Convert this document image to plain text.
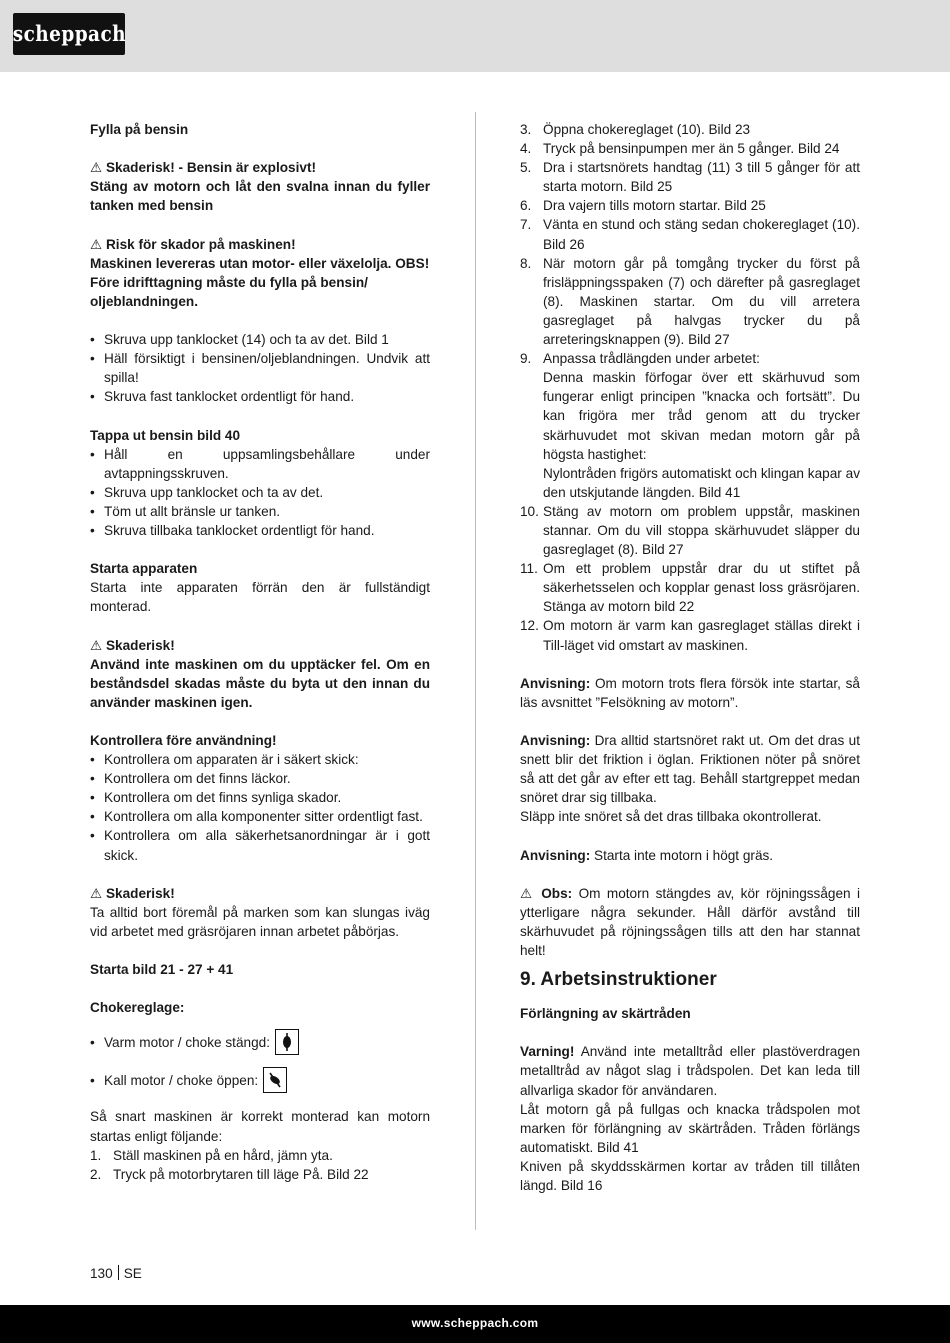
scheppach

Fylla på bensin

⚠ Skaderisk! - Bensin är explosivt!

Stäng av motorn och låt den svalna innan du fyller tanken med bensin

⚠ Risk för skador på maskinen!

Maskinen levereras utan motor- eller växelolja. OBS! Före idrifttagning måste du fylla på bensin/ oljeblandningen.

• Skruva upp tanklocket (14) och ta av det. Bild 1
• Häll försiktigt i bensinen/oljeblandningen. Undvik att spilla!
• Skruva fast tanklocket ordentligt för hand.

Tappa ut bensin bild 40

• Håll en uppsamlingsbehållare under avtappningsskruven.
• Skruva upp tanklocket och ta av det.
• Töm ut allt bränsle ur tanken.
• Skruva tillbaka tanklocket ordentligt för hand.

Starta apparaten

Starta inte apparaten förrän den är fullständigt monterad.

⚠ Skaderisk!

Använd inte maskinen om du upptäcker fel. Om en beståndsdel skadas måste du byta ut den innan du använder maskinen igen.

Kontrollera före användning!

• Kontrollera om apparaten är i säkert skick:
• Kontrollera om det finns läckor.
• Kontrollera om det finns synliga skador.
• Kontrollera om alla komponenter sitter ordentligt fast.
• Kontrollera om alla säkerhetsanordningar är i gott skick.

⚠ Skaderisk!

Ta alltid bort föremål på marken som kan slungas iväg vid arbetet med gräsröjaren innan arbetet påbörjas.

Starta bild 21 - 27 + 41

Chokereglage:

• Varm motor / choke stängd:
• Kall motor / choke öppen:

Så snart maskinen är korrekt monterad kan motorn startas enligt följande:

1. Ställ maskinen på en hård, jämn yta.
2. Tryck på motorbrytaren till läge På. Bild 22
3. Öppna chokereglaget (10). Bild 23
4. Tryck på bensinpumpen mer än 5 gånger. Bild 24
5. Dra i startsnörets handtag (11) 3 till 5 gånger för att starta motorn. Bild 25
6. Dra vajern tills motorn startar. Bild 25
7. Vänta en stund och stäng sedan chokereglaget (10). Bild 26
8. När motorn går på tomgång trycker du först på frisläppningsspaken (7) och därefter på gasreglaget (8). Maskinen startar. Om du vill arretera gasreglaget på halvgas trycker du på arreteringsknappen (9). Bild 27
9. Anpassa trådlängden under arbetet:

Denna maskin förfogar över ett skärhuvud som fungerar enligt principen ”knacka och fortsätt”. Du kan frigöra mer tråd genom att du trycker skärhuvudet mot skivan medan motorn går på högsta hastighet:

Nylontråden frigörs automatiskt och klingan kapar av den utskjutande längden. Bild 41

10. Stäng av motorn om problem uppstår, maskinen stannar. Om du vill stoppa skärhuvudet släpper du gasreglaget (8). Bild 27
11. Om ett problem uppstår drar du ut stiftet på säkerhetsselen och kopplar genast loss gräsröjaren. Stänga av motorn bild 22
12. Om motorn är varm kan gasreglaget ställas direkt i Till-läget vid omstart av maskinen.

Anvisning: Om motorn trots flera försök inte startar, så läs avsnittet ”Felsökning av motorn”.

Anvisning: Dra alltid startsnöret rakt ut. Om det dras ut snett blir det friktion i öglan. Friktionen nöter på snöret så att det går av efter ett tag. Behåll startgreppet medan snöret drar sig tillbaka.

Släpp inte snöret så det dras tillbaka okontrollerat.

Anvisning: Starta inte motorn i högt gräs.

⚠ Obs: Om motorn stängdes av, kör röjningssågen i ytterligare några sekunder. Håll därför avstånd till skärhuvudet på röjningssågen tills att den har stannat helt!

9. Arbetsinstruktioner

Förlängning av skärtråden

Varning! Använd inte metalltråd eller plastöverdragen metalltråd av något slag i trådspolen. Det kan leda till allvarliga skador för användaren.

Låt motorn gå på fullgas och knacka trådspolen mot marken för förlängning av skärtråden. Tråden förlängs automatiskt. Bild 41

Kniven på skyddsskärmen kortar av tråden till tillåten längd. Bild 16

130 SE
www.scheppach.com
